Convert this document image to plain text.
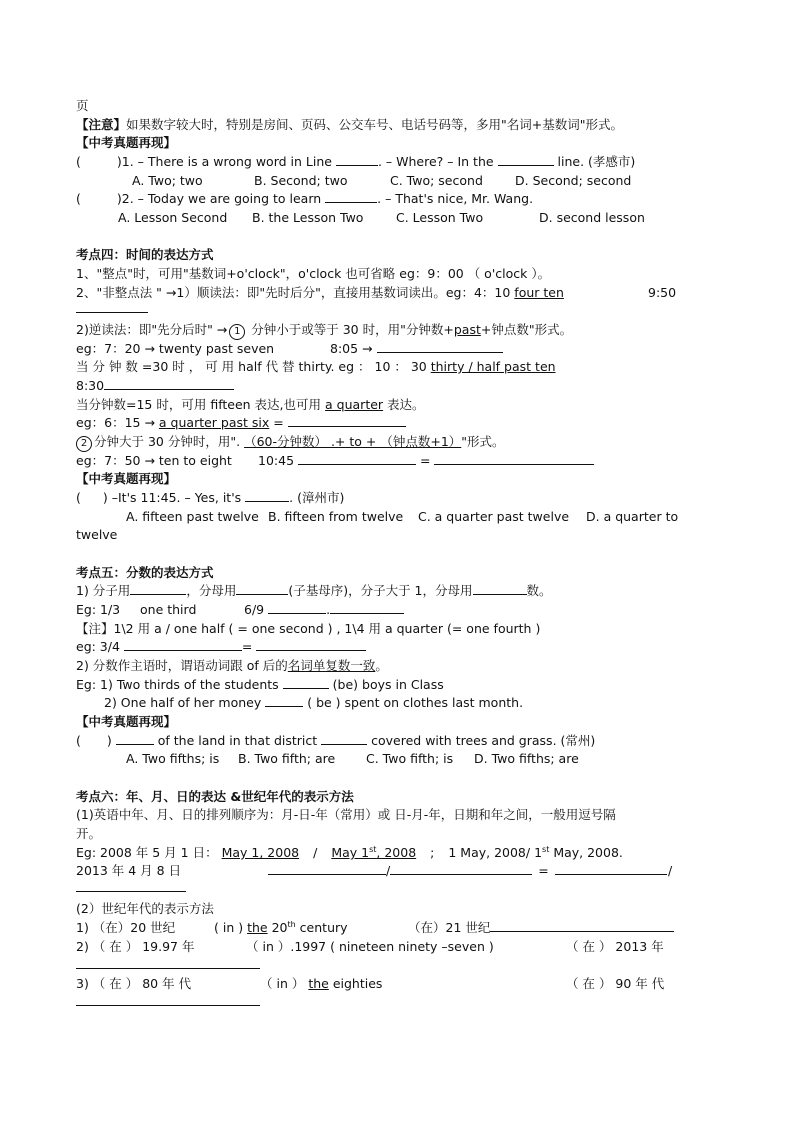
页
【注意】如果数字较大时，特别是房间、页码、公交车号、电话号码等，多用"名词+基数词"形式。
【中考真题再现】
(	)1. – There is a wrong word in Line	. – Where? – In the	line. (孝感市)
A. Two; two	B. Second; two	C. Two; second	D. Second; second
(	)2. – Today we are going to learn	. – That's nice, Mr. Wang.
A. Lesson Second B. the Lesson Two	C. Lesson Two	D. second lesson
考点四：时间的表达方式
1、"整点"时，可用"基数词+o'clock"，o'clock 也可省略 eg：9：00 （ o'clock ）。
2、"非整点法 " →1）顺读法：即"先时后分"，直接用基数词读出。eg：4：10 four ten	9:50
2)逆读法：即"先分后时" → 1 分钟小于或等于 30 时，用"分钟数+past+钟点数"形式。
eg：7：20 → twenty past seven	8:05 →
当 分 钟 数 =30 时 ， 可 用 half 代 替 thirty. eg ： 10 ： 30 thirty / half past ten
8:30
当分钟数=15 时，可用 fifteen 表达,也可用 a quarter 表达。
eg：6：15 → a quarter past six =
2 分钟大于 30 分钟时，用". （60-分钟数） .+ to + （钟点数+1）"形式。
eg：7：50 → ten to eight 10:45	=
【中考真题再现】
( ) –It's 11:45. – Yes, it's	. (漳州市)
A. fifteen past twelve B. fifteen from twelve C. a quarter past twelve D. a quarter to
twelve
考点五：分数的表达方式
1) 分子用	，分母用	(子基母序)，分子大于 1，分母用	数。
Eg: 1/3 one third	6/9	.
【注】1\2 用 a / one half ( = one second ) , 1\4 用 a quarter (= one fourth )
eg: 3/4	=
2) 分数作主语时，谓语动词跟 of 后的名词单复数一致。
Eg: 1) Two thirds of the students	(be) boys in Class
2) One half of her money	( be ) spent on clothes last month.
【中考真题再现】
( )	of the land in that district	covered with trees and grass. (常州)
A. Two fifths; is B. Two fifth; are C. Two fifth; is D. Two fifths; are
考点六：年、月、日的表达 &世纪年代的表示方法
(1)英语中年、月、日的排列顺序为：月-日-年（常用）或 日-月-年，日期和年之间，一般用逗号隔
开。
Eg: 2008 年 5 月 1 日： May 1, 2008 / May 1st, 2008 ; 1 May, 2008/ 1st May, 2008.
2013 年 4 月 8 日	/	=	/
(2）世纪年代的表示方法
1) （在）20 世纪	( in ) the 20th century	（在）21 世纪
2) （ 在 ） 19.97 年	（ in ）.1997 ( nineteen ninety –seven )	（ 在 ） 2013 年
3) （ 在 ） 80 年 代	（ in ） the eighties	（ 在 ） 90 年 代
